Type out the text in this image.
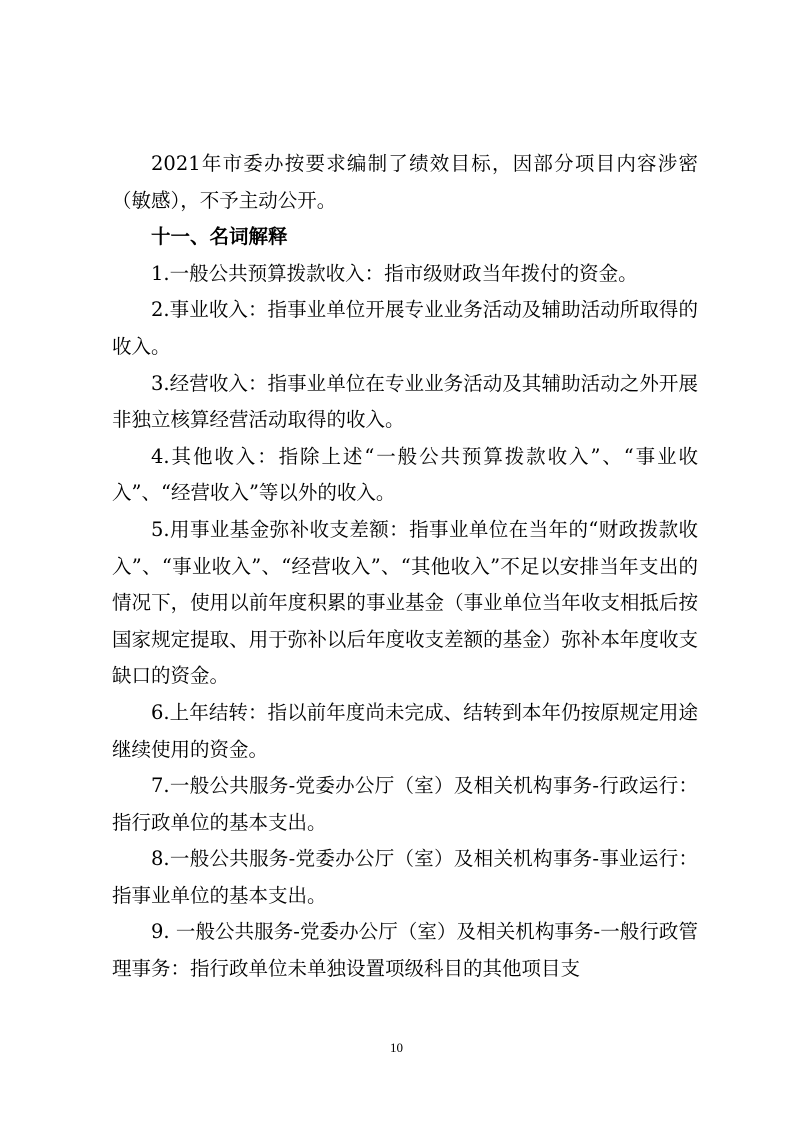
2021年市委办按要求编制了绩效目标，因部分项目内容涉密（敏感），不予主动公开。

十一、名词解释

1.一般公共预算拨款收入：指市级财政当年拨付的资金。

2.事业收入：指事业单位开展专业业务活动及辅助活动所取得的收入。

3.经营收入：指事业单位在专业业务活动及其辅助活动之外开展非独立核算经营活动取得的收入。

4.其他收入：指除上述“一般公共预算拨款收入”、“事业收入”、“经营收入”等以外的收入。

5.用事业基金弥补收支差额：指事业单位在当年的“财政拨款收入”、“事业收入”、“经营收入”、“其他收入”不足以安排当年支出的情况下，使用以前年度积累的事业基金（事业单位当年收支相抵后按国家规定提取、用于弥补以后年度收支差额的基金）弥补本年度收支缺口的资金。

6.上年结转：指以前年度尚未完成、结转到本年仍按原规定用途继续使用的资金。

7.一般公共服务-党委办公厅（室）及相关机构事务-行政运行：指行政单位的基本支出。

8.一般公共服务-党委办公厅（室）及相关机构事务-事业运行：指事业单位的基本支出。

9. 一般公共服务-党委办公厅（室）及相关机构事务-一般行政管理事务：指行政单位未单独设置项级科目的其他项目支

10
